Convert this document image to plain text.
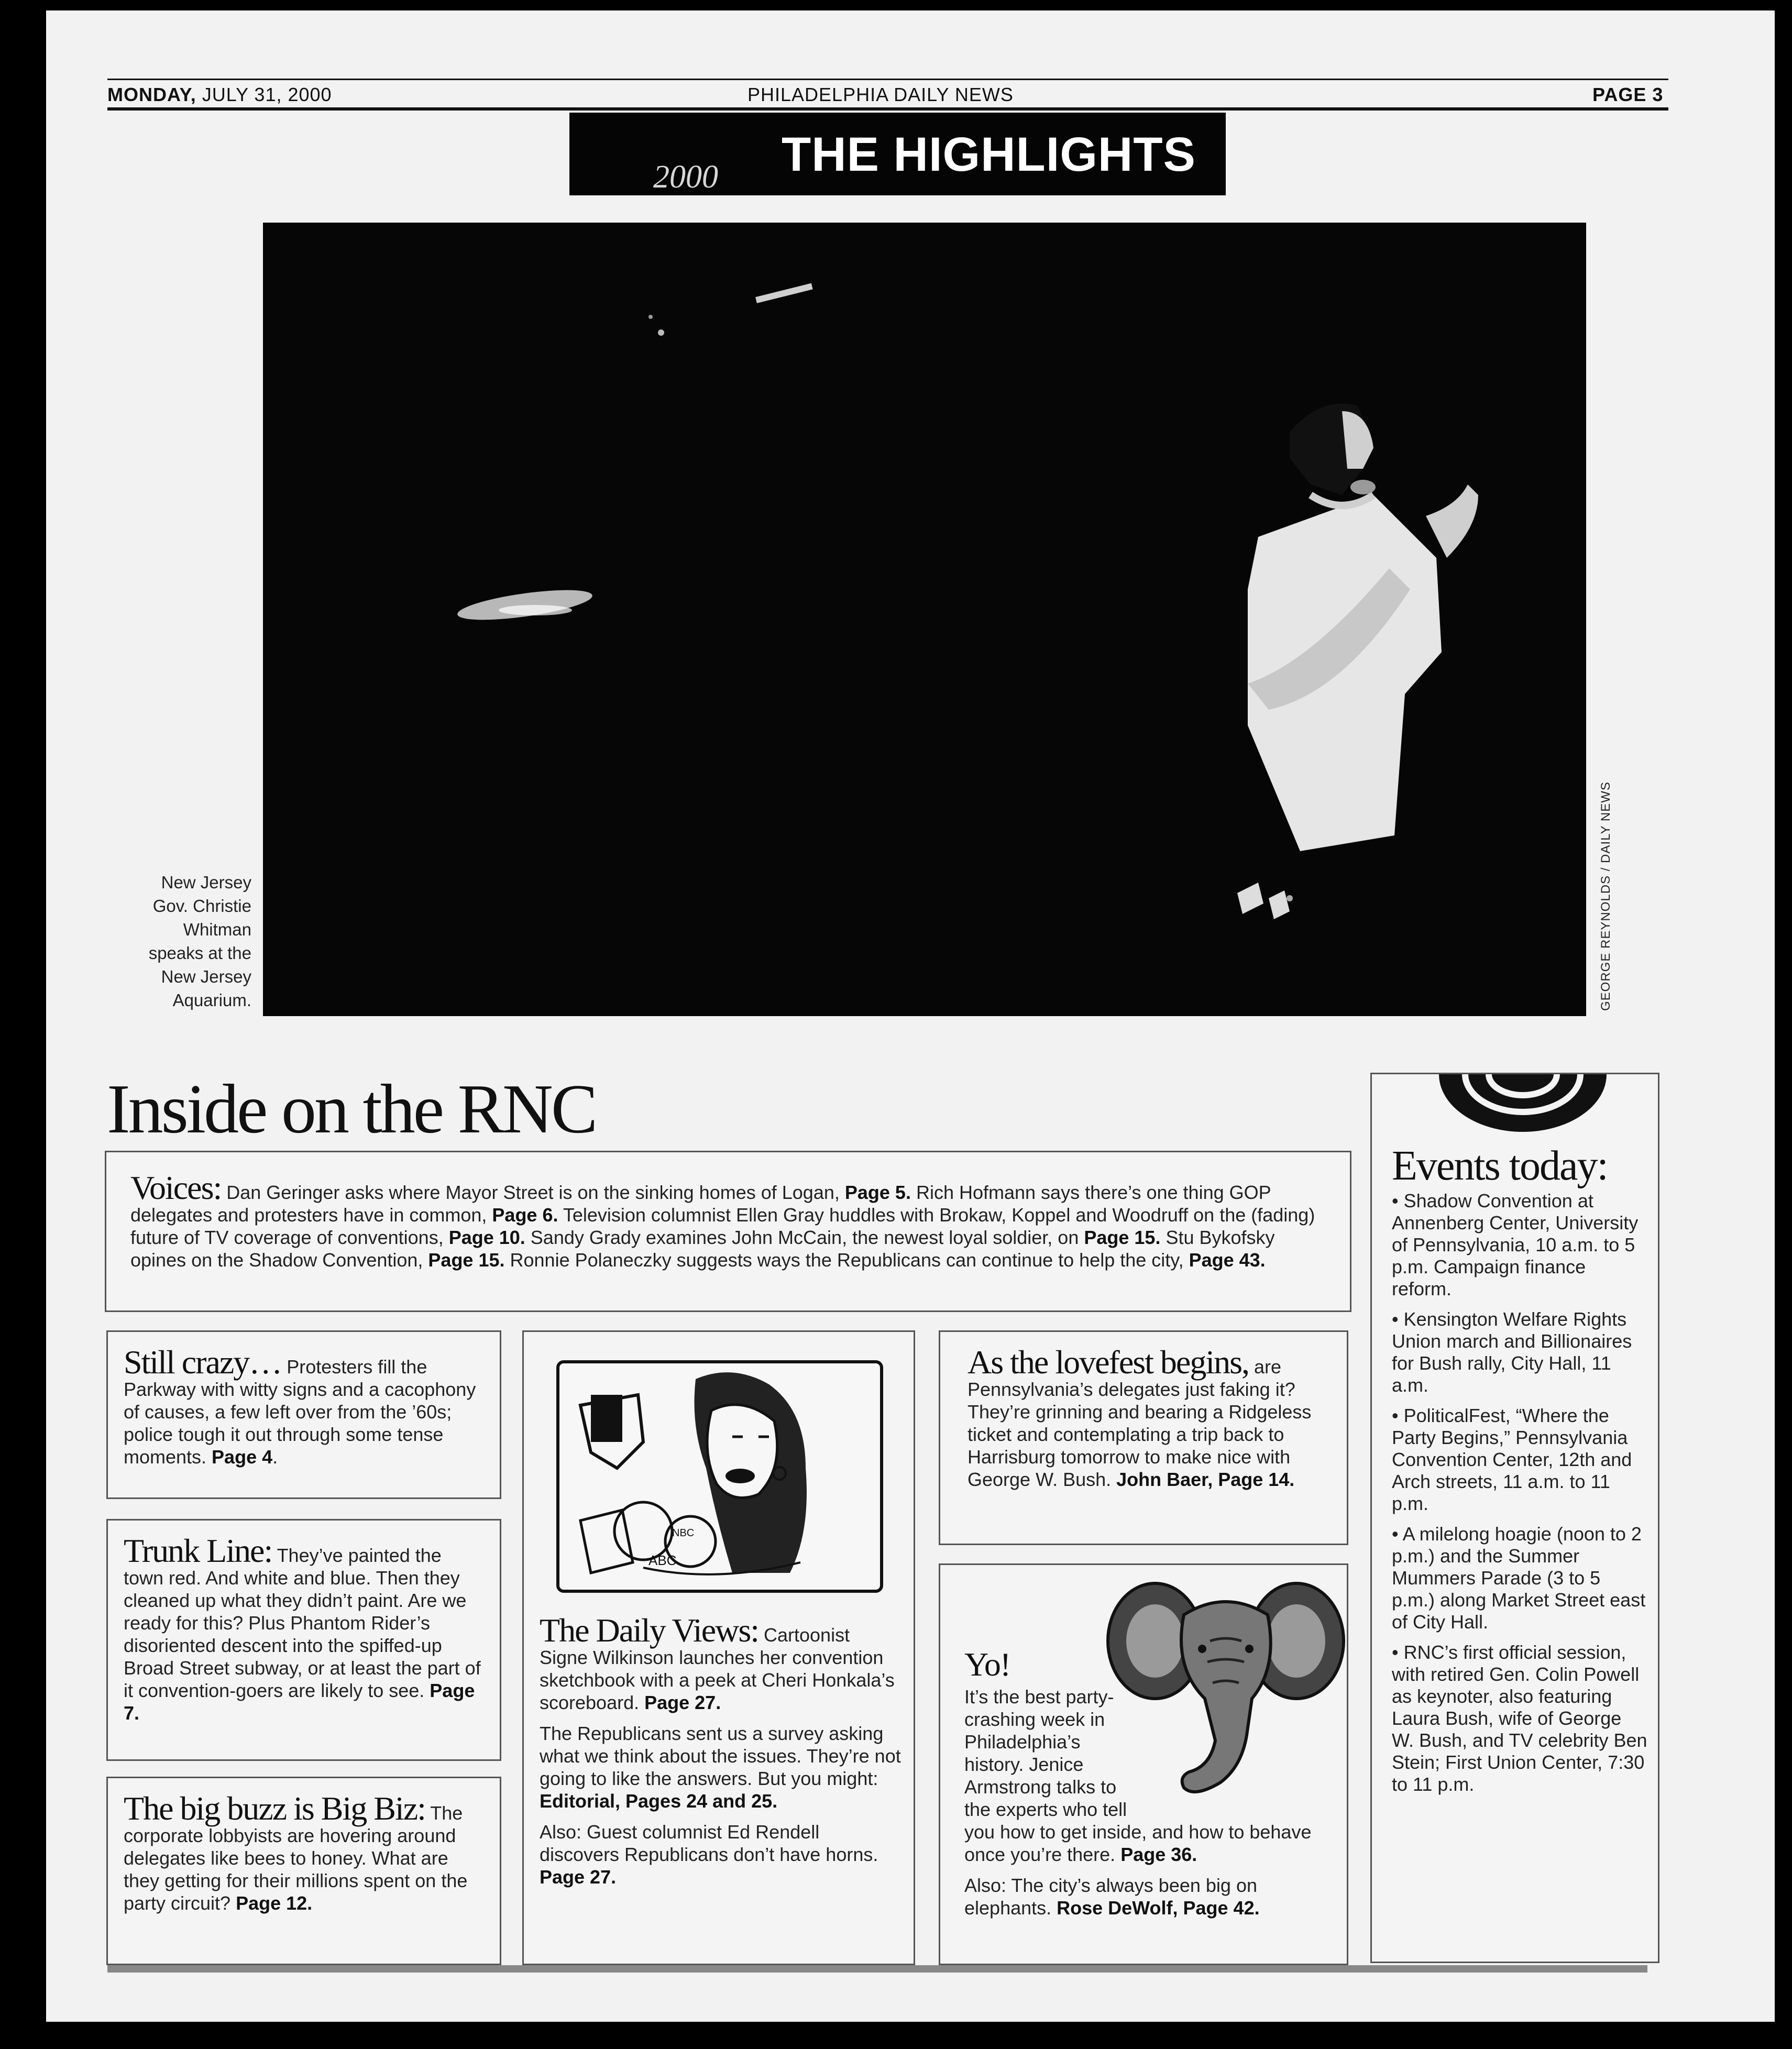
MONDAY, JULY 31, 2000	PHILADELPHIA DAILY NEWS	PAGE 3
2000 THE HIGHLIGHTS
New Jersey
Gov. Christie
Whitman
speaks at the
New Jersey
Aquarium.	GEORGE REYNOLDS / DAILY NEWS
Inside on the RNC
Voices: Dan Geringer asks where Mayor Street is on the sinking homes of Logan, Page 5. Rich Hofmann says there’s one thing GOP delegates and protesters have in common, Page 6. Television columnist Ellen Gray huddles with Brokaw, Koppel and Woodruff on the (fading) future of TV coverage of conventions, Page 10. Sandy Grady examines John McCain, the newest loyal soldier, on Page 15. Stu Bykofsky opines on the Shadow Convention, Page 15. Ronnie Polaneczky suggests ways the Republicans can continue to help the city, Page 43.
Still crazy… Protesters fill the Parkway with witty signs and a cacophony of causes, a few left over from the ’60s; police tough it out through some tense moments. Page 4.
Trunk Line: They’ve painted the town red. And white and blue. Then they cleaned up what they didn’t paint. Are we ready for this? Plus Phantom Rider’s disoriented descent into the spiffed-up Broad Street subway, or at least the part of it convention-goers are likely to see. Page 7.
The big buzz is Big Biz: The corporate lobbyists are hovering around delegates like bees to honey. What are they getting for their millions spent on the party circuit? Page 12.
ABC
NBC
The Daily Views: Cartoonist Signe Wilkinson launches her convention sketchbook with a peek at Cheri Honkala’s scoreboard. Page 27.
The Republicans sent us a survey asking what we think about the issues. They’re not going to like the answers. But you might: Editorial, Pages 24 and 25.
Also: Guest columnist Ed Rendell discovers Republicans don’t have horns. Page 27.
As the lovefest begins, are Pennsylvania’s delegates just faking it? They’re grinning and bearing a Ridgeless ticket and contemplating a trip back to Harrisburg tomorrow to make nice with George W. Bush. John Baer, Page 14.
Yo!
It’s the best party-crashing week in Philadelphia’s history. Jenice Armstrong talks to the experts who tell you how to get inside, and how to behave once you’re there. Page 36.
Also: The city’s always been big on elephants. Rose DeWolf, Page 42.
Events today:
• Shadow Convention at Annenberg Center, University of Pennsylvania, 10 a.m. to 5 p.m. Campaign finance reform.
• Kensington Welfare Rights Union march and Billionaires for Bush rally, City Hall, 11 a.m.
• PoliticalFest, “Where the Party Begins,” Pennsylvania Convention Center, 12th and Arch streets, 11 a.m. to 11 p.m.
• A milelong hoagie (noon to 2 p.m.) and the Summer Mummers Parade (3 to 5 p.m.) along Market Street east of City Hall.
• RNC’s first official session, with retired Gen. Colin Powell as keynoter, also featuring Laura Bush, wife of George W. Bush, and TV celebrity Ben Stein; First Union Center, 7:30 to 11 p.m.
